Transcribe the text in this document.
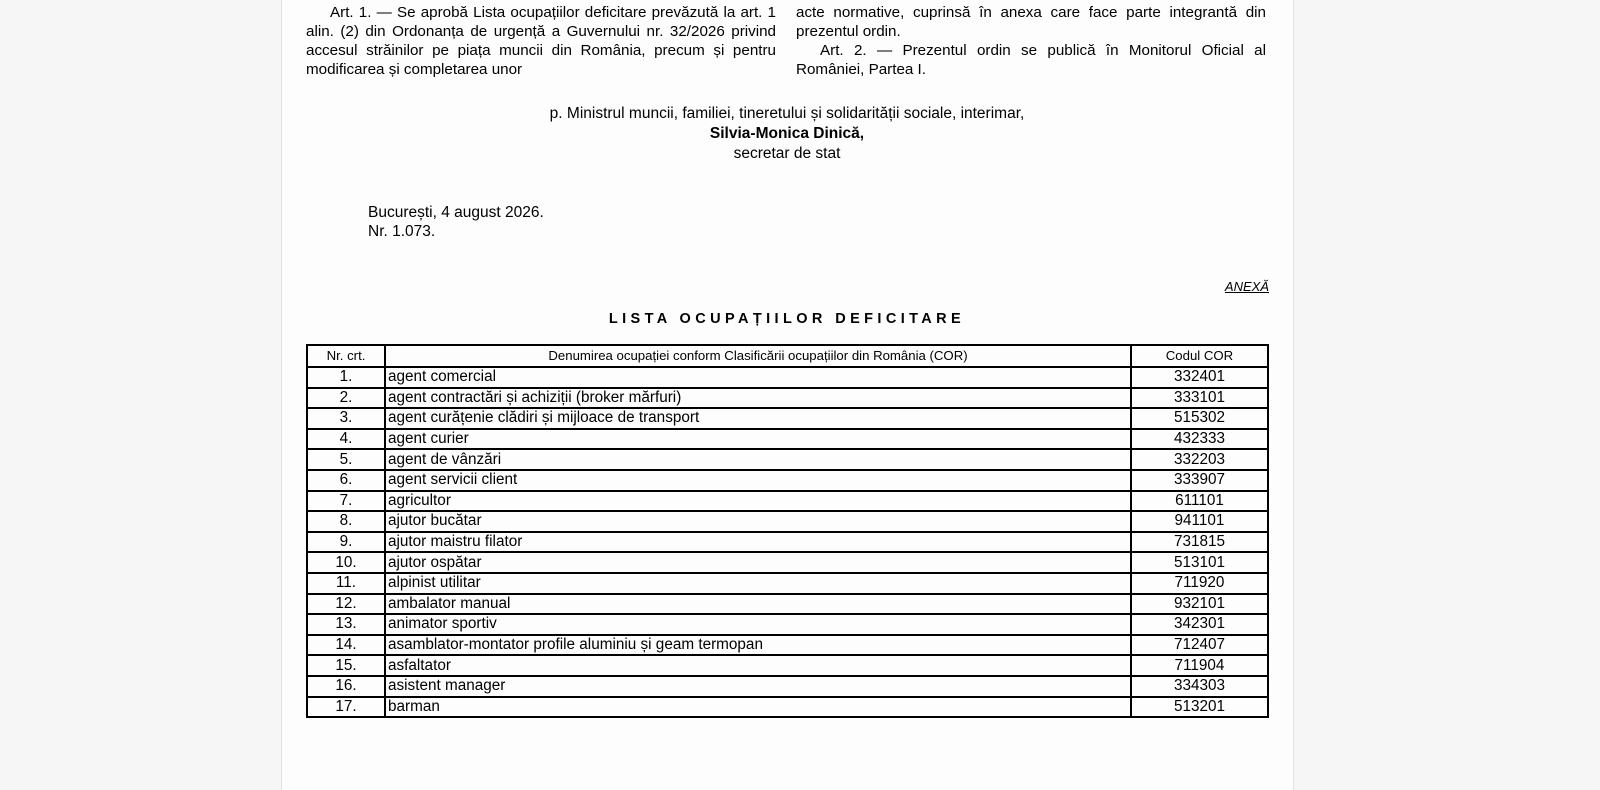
Art. 1. — Se aprobă Lista ocupațiilor deficitare prevăzută la art. 1 alin. (2) din Ordonanța de urgență a Guvernului nr. 32/2026 privind accesul străinilor pe piața muncii din România, precum și pentru modificarea și completarea unor

acte normative, cuprinsă în anexa care face parte integrantă din prezentul ordin.

Art. 2. — Prezentul ordin se publică în Monitorul Oficial al României, Partea I.

p. Ministrul muncii, familiei, tineretului și solidarității sociale, interimar,
Silvia-Monica Dinică,
secretar de stat
București, 4 august 2026.
Nr. 1.073.
ANEXĂ
LISTA OCUPAȚIILOR DEFICITARE
Nr. crt.	Denumirea ocupației conform Clasificării ocupațiilor din România (COR)	Codul COR
1.	agent comercial	332401
2.	agent contractări și achiziții (broker mărfuri)	333101
3.	agent curățenie clădiri și mijloace de transport	515302
4.	agent curier	432333
5.	agent de vânzări	332203
6.	agent servicii client	333907
7.	agricultor	611101
8.	ajutor bucătar	941101
9.	ajutor maistru filator	731815
10.	ajutor ospătar	513101
11.	alpinist utilitar	711920
12.	ambalator manual	932101
13.	animator sportiv	342301
14.	asamblator-montator profile aluminiu și geam termopan	712407
15.	asfaltator	711904
16.	asistent manager	334303
17.	barman	513201
